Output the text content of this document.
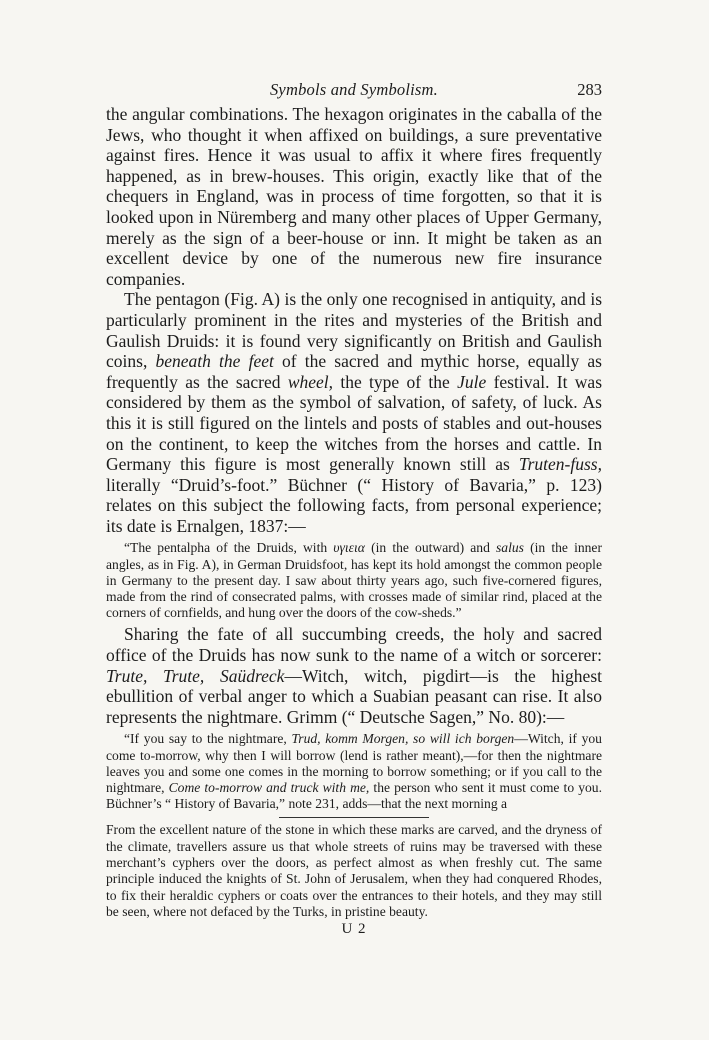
Symbols and Symbolism.	283

the angular combinations. The hexagon originates in the caballa of the Jews, who thought it when affixed on buildings, a sure preventative against fires. Hence it was usual to affix it where fires frequently happened, as in brew-houses. This origin, exactly like that of the chequers in England, was in process of time forgotten, so that it is looked upon in Nüremberg and many other places of Upper Germany, merely as the sign of a beer-house or inn. It might be taken as an excellent device by one of the numerous new fire insurance companies.

The pentagon (Fig. A) is the only one recognised in antiquity, and is particularly prominent in the rites and mysteries of the British and Gaulish Druids: it is found very significantly on British and Gaulish coins, beneath the feet of the sacred and mythic horse, equally as frequently as the sacred wheel, the type of the Jule festival. It was considered by them as the symbol of salvation, of safety, of luck. As this it is still figured on the lintels and posts of stables and out-houses on the continent, to keep the witches from the horses and cattle. In Germany this figure is most generally known still as Truten-fuss, literally “Druid’s-foot.” Büchner (“ History of Bavaria,” p. 123) relates on this subject the following facts, from personal experience; its date is Ernalgen, 1837:—

“The pentalpha of the Druids, with υγιεια (in the outward) and salus (in the inner angles, as in Fig. A), in German Druidsfoot, has kept its hold amongst the common people in Germany to the present day. I saw about thirty years ago, such five-cornered figures, made from the rind of consecrated palms, with crosses made of similar rind, placed at the corners of cornfields, and hung over the doors of the cow-sheds.”

Sharing the fate of all succumbing creeds, the holy and sacred office of the Druids has now sunk to the name of a witch or sorcerer: Trute, Trute, Saüdreck—Witch, witch, pigdirt—is the highest ebullition of verbal anger to which a Suabian peasant can rise. It also represents the nightmare. Grimm (“ Deutsche Sagen,” No. 80):—

“If you say to the nightmare, Trud, komm Morgen, so will ich borgen—Witch, if you come to-morrow, why then I will borrow (lend is rather meant),—for then the nightmare leaves you and some one comes in the morning to borrow something; or if you call to the nightmare, Come to-morrow and truck with me, the person who sent it must come to you. Büchner’s “ History of Bavaria,” note 231, adds—that the next morning a

From the excellent nature of the stone in which these marks are carved, and the dryness of the climate, travellers assure us that whole streets of ruins may be traversed with these merchant’s cyphers over the doors, as perfect almost as when freshly cut. The same principle induced the knights of St. John of Jerusalem, when they had conquered Rhodes, to fix their heraldic cyphers or coats over the entrances to their hotels, and they may still be seen, where not defaced by the Turks, in pristine beauty.

U 2
